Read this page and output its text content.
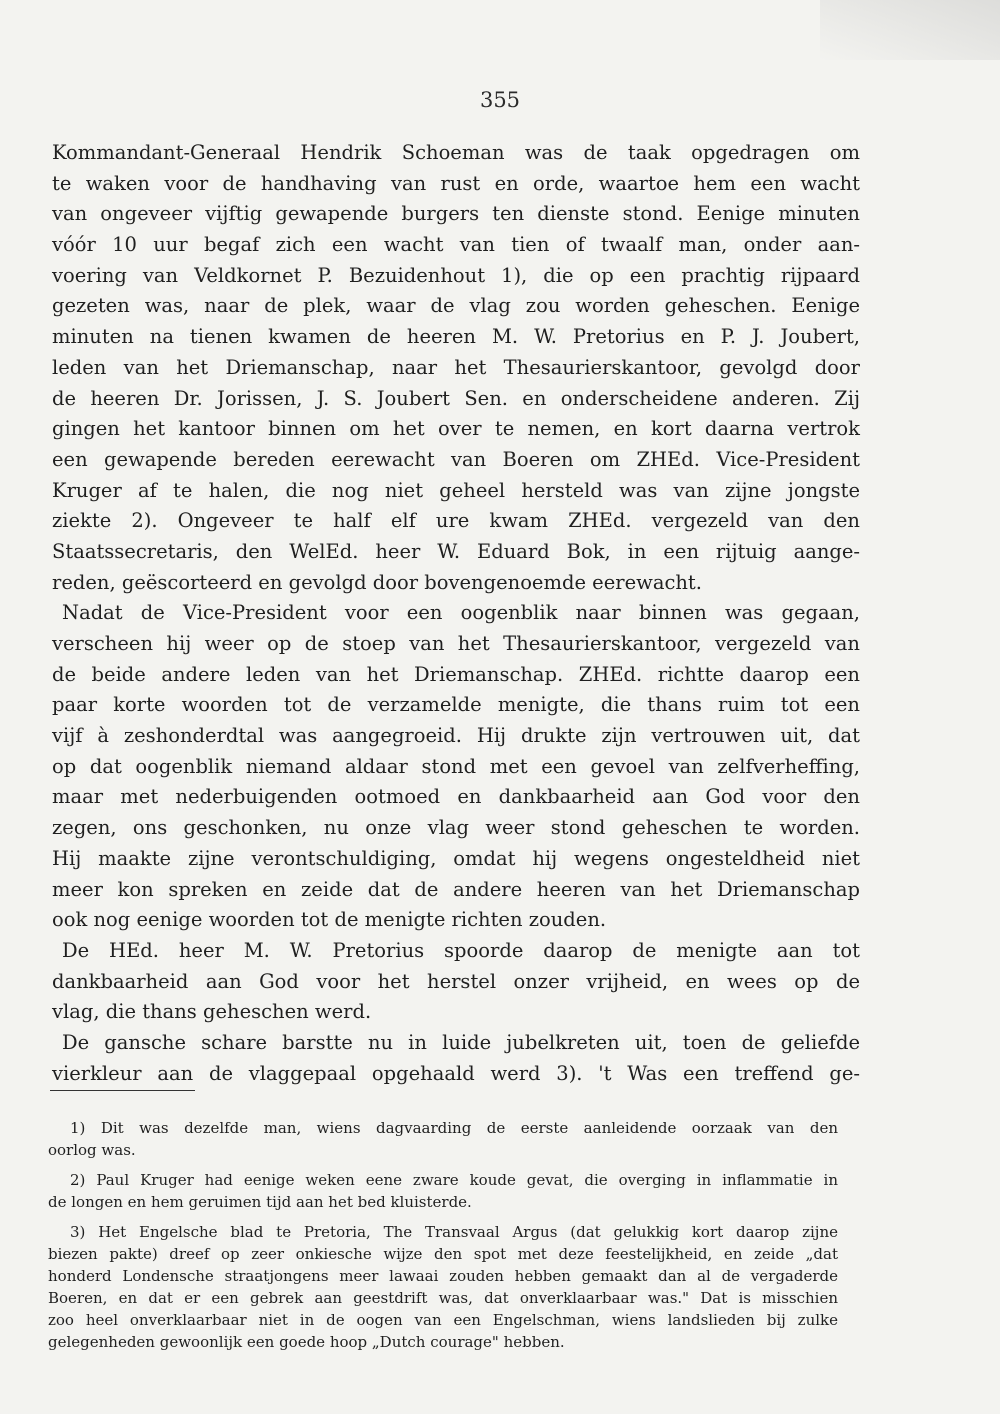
355
Kommandant-Generaal Hendrik Schoeman was de taak opgedragen om
te waken voor de handhaving van rust en orde, waartoe hem een wacht
van ongeveer vijftig gewapende burgers ten dienste stond. Eenige minuten
vóór 10 uur begaf zich een wacht van tien of twaalf man, onder aan-
voering van Veldkornet P. Bezuidenhout 1), die op een prachtig rijpaard
gezeten was, naar de plek, waar de vlag zou worden geheschen. Eenige
minuten na tienen kwamen de heeren M. W. Pretorius en P. J. Joubert,
leden van het Driemanschap, naar het Thesaurierskantoor, gevolgd door
de heeren Dr. Jorissen, J. S. Joubert Sen. en onderscheidene anderen. Zij
gingen het kantoor binnen om het over te nemen, en kort daarna vertrok
een gewapende bereden eerewacht van Boeren om ZHEd. Vice-President
Kruger af te halen, die nog niet geheel hersteld was van zijne jongste
ziekte 2). Ongeveer te half elf ure kwam ZHEd. vergezeld van den
Staatssecretaris, den WelEd. heer W. Eduard Bok, in een rijtuig aange-
reden, geëscorteerd en gevolgd door bovengenoemde eerewacht.
Nadat de Vice-President voor een oogenblik naar binnen was gegaan,
verscheen hij weer op de stoep van het Thesaurierskantoor, vergezeld van
de beide andere leden van het Driemanschap. ZHEd. richtte daarop een
paar korte woorden tot de verzamelde menigte, die thans ruim tot een
vijf à zeshonderdtal was aangegroeid. Hij drukte zijn vertrouwen uit, dat
op dat oogenblik niemand aldaar stond met een gevoel van zelfverheffing,
maar met nederbuigenden ootmoed en dankbaarheid aan God voor den
zegen, ons geschonken, nu onze vlag weer stond geheschen te worden.
Hij maakte zijne verontschuldiging, omdat hij wegens ongesteldheid niet
meer kon spreken en zeide dat de andere heeren van het Driemanschap
ook nog eenige woorden tot de menigte richten zouden.
De HEd. heer M. W. Pretorius spoorde daarop de menigte aan tot
dankbaarheid aan God voor het herstel onzer vrijheid, en wees op de
vlag, die thans geheschen werd.
De gansche schare barstte nu in luide jubelkreten uit, toen de geliefde
vierkleur aan de vlaggepaal opgehaald werd 3). 't Was een treffend ge-
1) Dit was dezelfde man, wiens dagvaarding de eerste aanleidende oorzaak van den
oorlog was.
2) Paul Kruger had eenige weken eene zware koude gevat, die overging in inflammatie in
de longen en hem geruimen tijd aan het bed kluisterde.
3) Het Engelsche blad te Pretoria, The Transvaal Argus (dat gelukkig kort daarop zijne
biezen pakte) dreef op zeer onkiesche wijze den spot met deze feestelijkheid, en zeide „dat
honderd Londensche straatjongens meer lawaai zouden hebben gemaakt dan al de vergaderde
Boeren, en dat er een gebrek aan geestdrift was, dat onverklaarbaar was." Dat is misschien
zoo heel onverklaarbaar niet in de oogen van een Engelschman, wiens landslieden bij zulke
gelegenheden gewoonlijk een goede hoop „Dutch courage" hebben.
